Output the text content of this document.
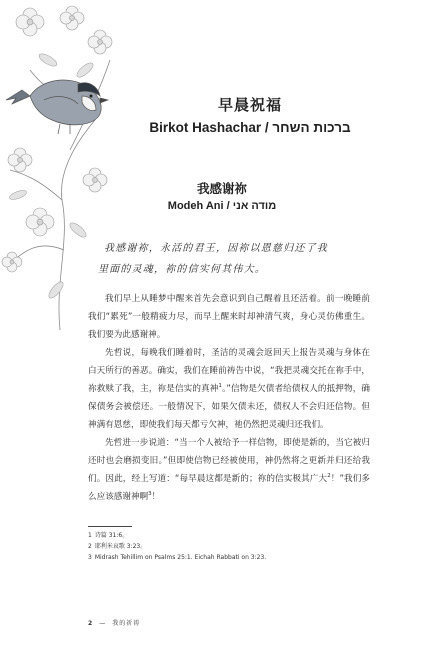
早晨祝福
Birkot Hashachar / ברכות השחר
我感谢祢
Modeh Ani / מודה אני
我感谢祢，永活的君王，因祢以恩慈归还了我
里面的灵魂，祢的信实何其伟大。

我们早上从睡梦中醒来首先会意识到自己醒着且还活着。前一晚睡前我们“累死”一般精疲力尽，而早上醒来时却神清气爽，身心灵仿佛重生。我们要为此感谢神。

先哲说，每晚我们睡着时，圣洁的灵魂会返回天上报告灵魂与身体在白天所行的善恶。确实，我们在睡前祷告中说，“我把灵魂交托在祢手中，祢救赎了我，主，祢是信实的真神$^1$。”信物是欠债者给债权人的抵押物，确保债务会被偿还。一般情况下，如果欠债未还，债权人不会归还信物。但神满有恩慈，即使我们每天都亏欠神，祂仍然把灵魂归还我们。

先哲进一步说道：“当一个人被给予一样信物，即使是新的，当它被归还时也会磨损变旧。”但即使信物已经被使用，神仍然将之更新并归还给我们。因此，经上写道：“每早晨这都是新的；祢的信实极其广大$^2$！”我们多么应该感谢神啊$^3$！

1 诗篇 31:6。
2 耶利米哀歌 3:23。
3 Midrash Tehillim on Psalms 25:1. Eichah Rabbati on 3:23.
2 — 我的祈祷
